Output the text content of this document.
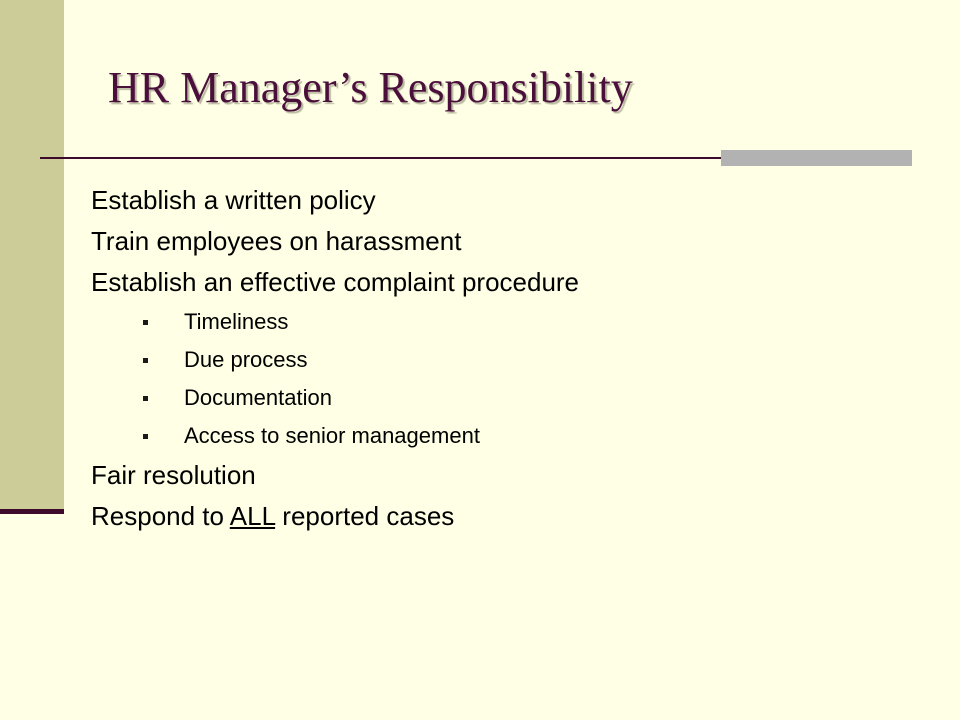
HR Manager’s Responsibility
Establish a written policy
Train employees on harassment
Establish an effective complaint procedure
Timeliness
Due process
Documentation
Access to senior management
Fair resolution
Respond to ALL reported cases
